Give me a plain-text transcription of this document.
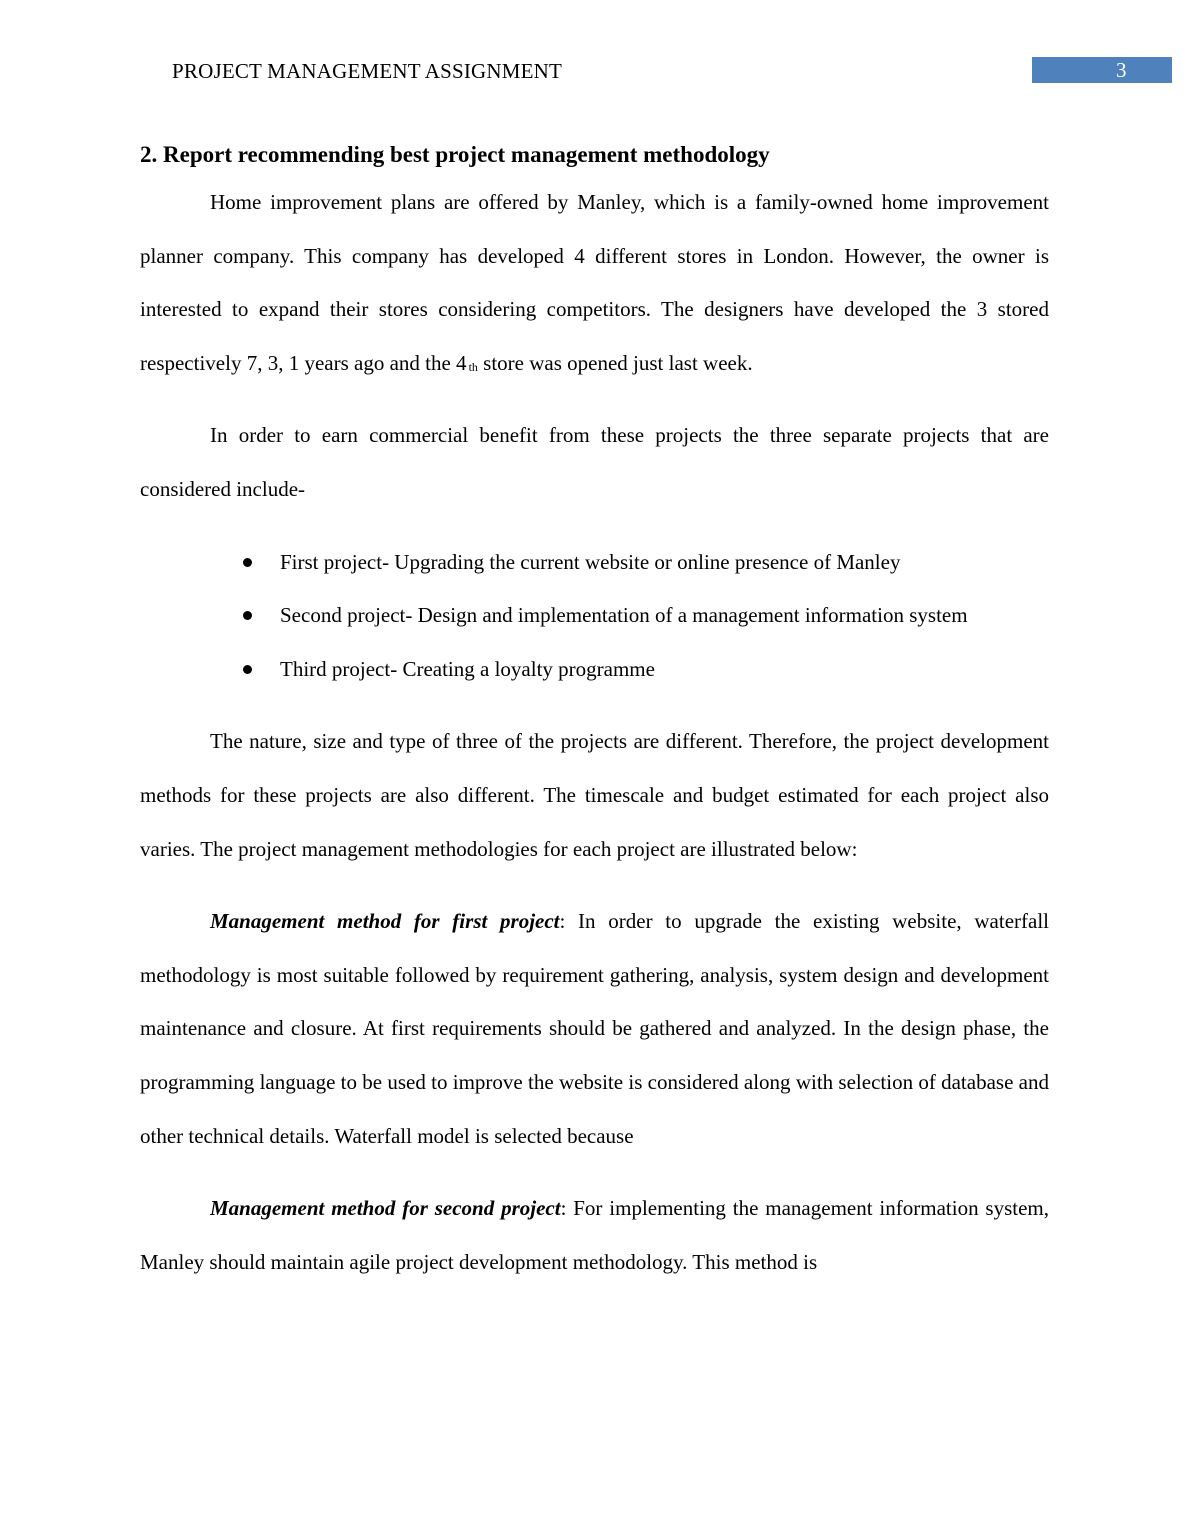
PROJECT MANAGEMENT ASSIGNMENT	3
2. Report recommending best project management methodology

Home improvement plans are offered by Manley, which is a family-owned home improvement planner company. This company has developed 4 different stores in London. However, the owner is interested to expand their stores considering competitors. The designers have developed the 3 stored respectively 7, 3, 1 years ago and the 4 $^{th}$ store was opened just last week.

In order to earn commercial benefit from these projects the three separate projects that are considered include-

First project- Upgrading the current website or online presence of Manley
Second project- Design and implementation of a management information system
Third project- Creating a loyalty programme

The nature, size and type of three of the projects are different. Therefore, the project development methods for these projects are also different. The timescale and budget estimated for each project also varies. The project management methodologies for each project are illustrated below:

Management method for first project: In order to upgrade the existing website, waterfall methodology is most suitable followed by requirement gathering, analysis, system design and development maintenance and closure. At first requirements should be gathered and analyzed. In the design phase, the programming language to be used to improve the website is considered along with selection of database and other technical details. Waterfall model is selected because

Management method for second project: For implementing the management information system, Manley should maintain agile project development methodology. This method is
